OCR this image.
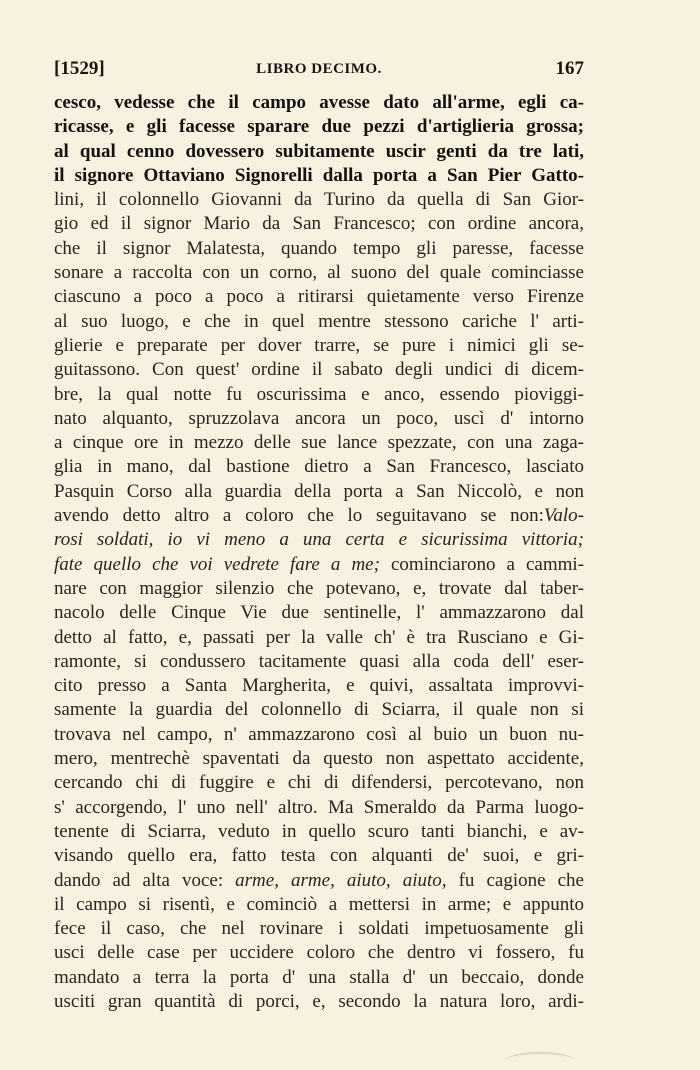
[1529]	LIBRO DECIMO.	167
cesco, vedesse che il campo avesse dato all'arme, egli ca-
ricasse, e gli facesse sparare due pezzi d'artiglieria grossa;
al qual cenno dovessero subitamente uscir genti da tre lati,
il signore Ottaviano Signorelli dalla porta a San Pier Gatto-
lini, il colonnello Giovanni da Turino da quella di San Gior-
gio ed il signor Mario da San Francesco; con ordine ancora,
che il signor Malatesta, quando tempo gli paresse, facesse
sonare a raccolta con un corno, al suono del quale cominciasse
ciascuno a poco a poco a ritirarsi quietamente verso Firenze
al suo luogo, e che in quel mentre stessono cariche l' arti-
glierie e preparate per dover trarre, se pure i nimici gli se-
guitassono. Con quest' ordine il sabato degli undici di dicem-
bre, la qual notte fu oscurissima e anco, essendo pioviggi-
nato alquanto, spruzzolava ancora un poco, uscì d' intorno
a cinque ore in mezzo delle sue lance spezzate, con una zaga-
glia in mano, dal bastione dietro a San Francesco, lasciato
Pasquin Corso alla guardia della porta a San Niccolò, e non
avendo detto altro a coloro che lo seguitavano se non:Valo-
rosi soldati, io vi meno a una certa e sicurissima vittoria;
fate quello che voi vedrete fare a me; cominciarono a cammi-
nare con maggior silenzio che potevano, e, trovate dal taber-
nacolo delle Cinque Vie due sentinelle, l' ammazzarono dal
detto al fatto, e, passati per la valle ch' è tra Rusciano e Gi-
ramonte, si condussero tacitamente quasi alla coda dell' eser-
cito presso a Santa Margherita, e quivi, assaltata improvvi-
samente la guardia del colonnello di Sciarra, il quale non si
trovava nel campo, n' ammazzarono così al buio un buon nu-
mero, mentrechè spaventati da questo non aspettato accidente,
cercando chi di fuggire e chi di difendersi, percotevano, non
s' accorgendo, l' uno nell' altro. Ma Smeraldo da Parma luogo-
tenente di Sciarra, veduto in quello scuro tanti bianchi, e av-
visando quello era, fatto testa con alquanti de' suoi, e gri-
dando ad alta voce: arme, arme, aiuto, aiuto, fu cagione che
il campo si risentì, e cominciò a mettersi in arme; e appunto
fece il caso, che nel rovinare i soldati impetuosamente gli
usci delle case per uccidere coloro che dentro vi fossero, fu
mandato a terra la porta d' una stalla d' un beccaio, donde
usciti gran quantità di porci, e, secondo la natura loro, ardi-
